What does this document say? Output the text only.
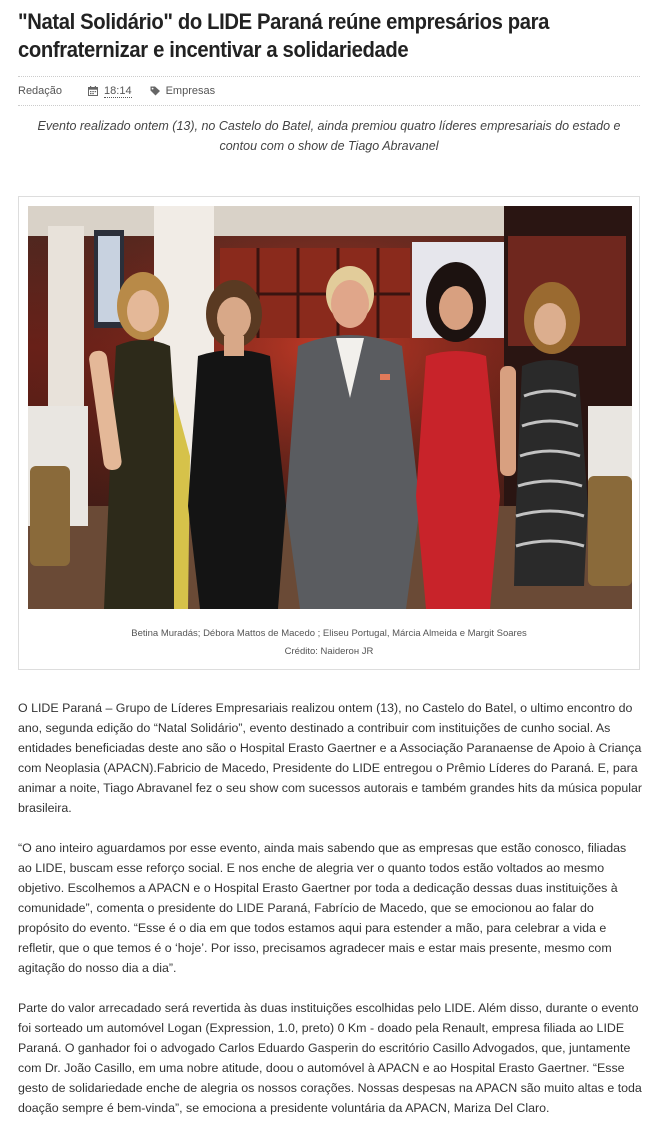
"Natal Solidário" do LIDE Paraná reúne empresários para confraternizar e incentivar a solidariedade
Redação	18:14	Empresas

Evento realizado ontem (13), no Castelo do Batel, ainda premiou quatro líderes empresariais do estado e contou com o show de Tiago Abravanel

Betina Muradás; Débora Mattos de Macedo ; Eliseu Portugal, Márcia Almeida e Margit Soares
Crédito: Naiderон JR

O LIDE Paraná – Grupo de Líderes Empresariais realizou ontem (13), no Castelo do Batel, o ultimo encontro do ano, segunda edição do “Natal Solidário”, evento destinado a contribuir com instituições de cunho social. As entidades beneficiadas deste ano são o Hospital Erasto Gaertner e a Associação Paranaense de Apoio à Criança com Neoplasia (APACN).Fabricio de Macedo, Presidente do LIDE entregou o Prêmio Líderes do Paraná. E, para animar a noite, Tiago Abravanel fez o seu show com sucessos autorais e também grandes hits da música popular brasileira.

“O ano inteiro aguardamos por esse evento, ainda mais sabendo que as empresas que estão conosco, filiadas ao LIDE, buscam esse reforço social. E nos enche de alegria ver o quanto todos estão voltados ao mesmo objetivo. Escolhemos a APACN e o Hospital Erasto Gaertner por toda a dedicação dessas duas instituições à comunidade”, comenta o presidente do LIDE Paraná, Fabrício de Macedo, que se emocionou ao falar do propósito do evento. “Esse é o dia em que todos estamos aqui para estender a mão, para celebrar a vida e refletir, que o que temos é o ‘hoje’. Por isso, precisamos agradecer mais e estar mais presente, mesmo com agitação do nosso dia a dia”.

Parte do valor arrecadado será revertida às duas instituições escolhidas pelo LIDE. Além disso, durante o evento foi sorteado um automóvel Logan (Expression, 1.0, preto) 0 Km - doado pela Renault, empresa filiada ao LIDE Paraná. O ganhador foi o advogado Carlos Eduardo Gasperin do escritório Casillo Advogados, que, juntamente com Dr. João Casillo, em uma nobre atitude, doou o automóvel à APACN e ao Hospital Erasto Gaertner. “Esse gesto de solidariedade enche de alegria os nossos corações. Nossas despesas na APACN são muito altas e toda doação sempre é bem-vinda”, se emociona a presidente voluntária da APACN, Mariza Del Claro.
